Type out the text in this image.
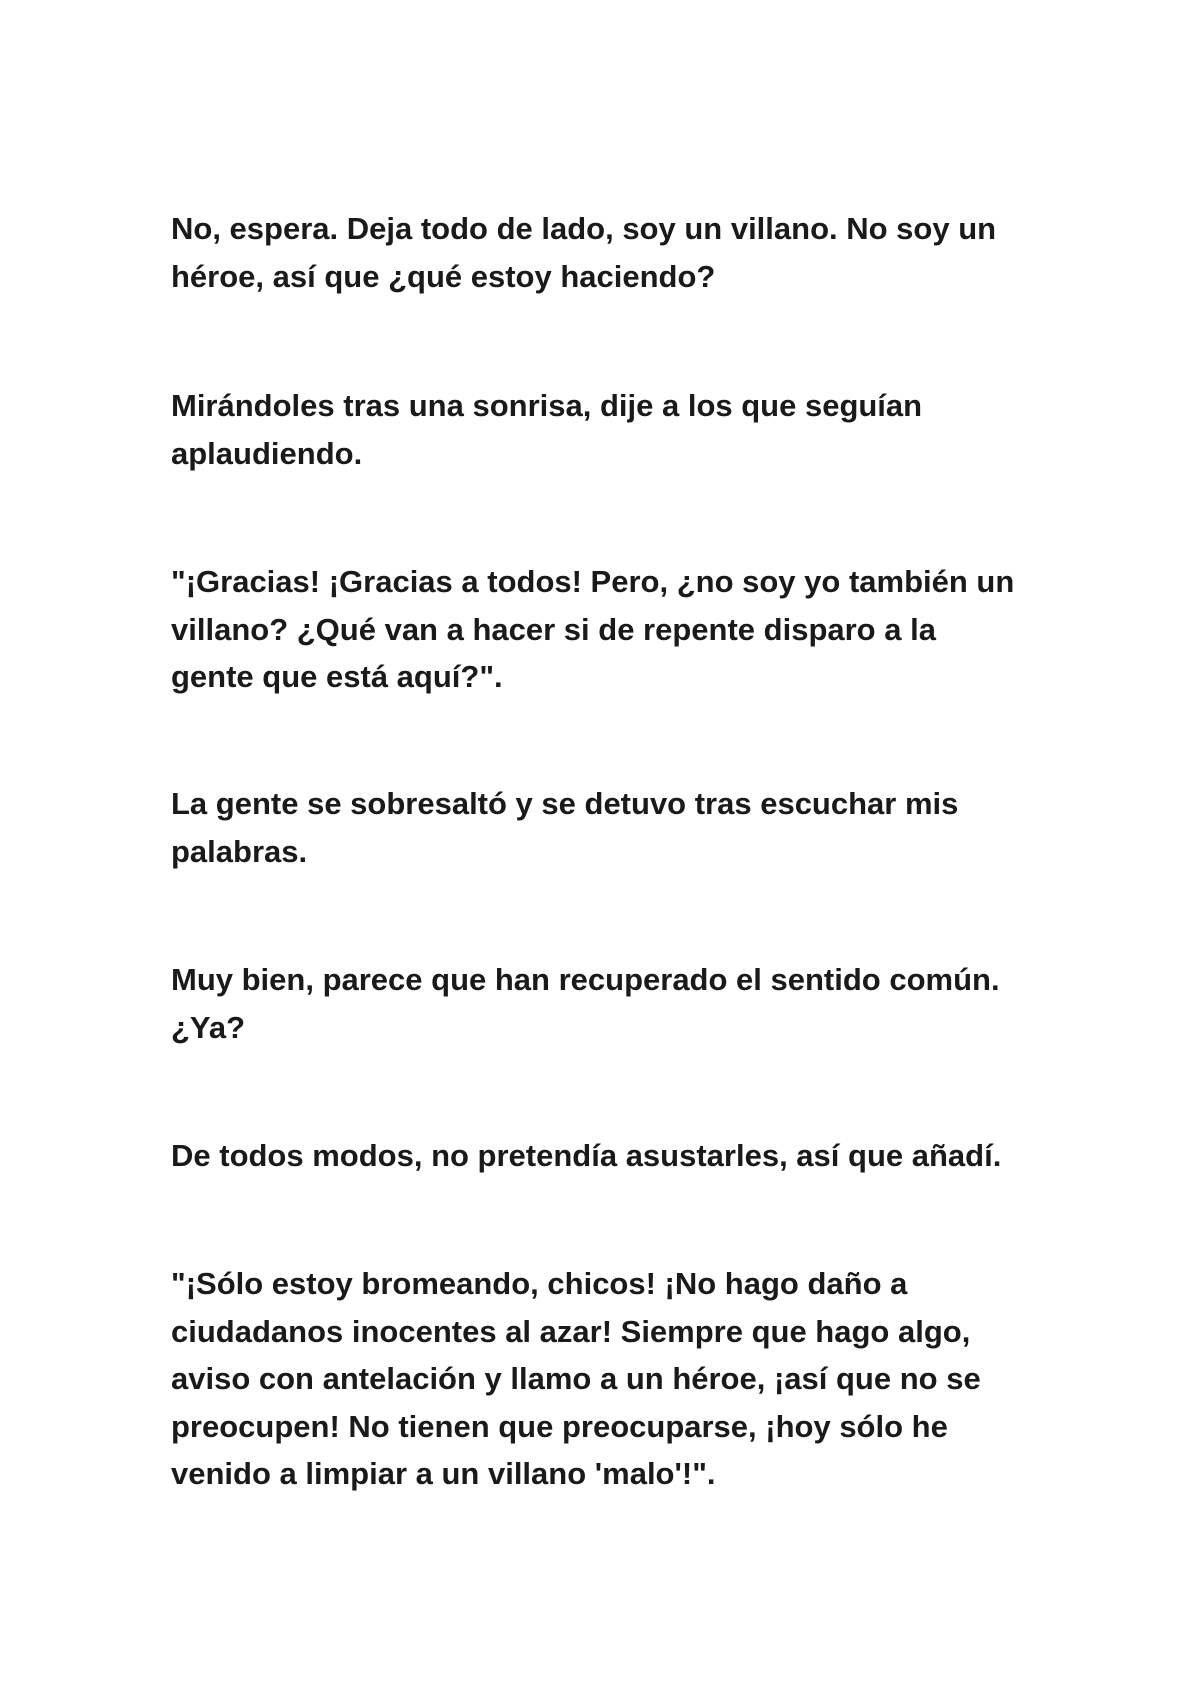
No, espera. Deja todo de lado, soy un villano. No soy un
héroe, así que ¿qué estoy haciendo?

Mirándoles tras una sonrisa, dije a los que seguían
aplaudiendo.

"¡Gracias! ¡Gracias a todos! Pero, ¿no soy yo también un
villano? ¿Qué van a hacer si de repente disparo a la
gente que está aquí?".

La gente se sobresaltó y se detuvo tras escuchar mis
palabras.

Muy bien, parece que han recuperado el sentido común.
¿Ya?

De todos modos, no pretendía asustarles, así que añadí.

"¡Sólo estoy bromeando, chicos! ¡No hago daño a
ciudadanos inocentes al azar! Siempre que hago algo,
aviso con antelación y llamo a un héroe, ¡así que no se
preocupen! No tienen que preocuparse, ¡hoy sólo he
venido a limpiar a un villano 'malo'!".
